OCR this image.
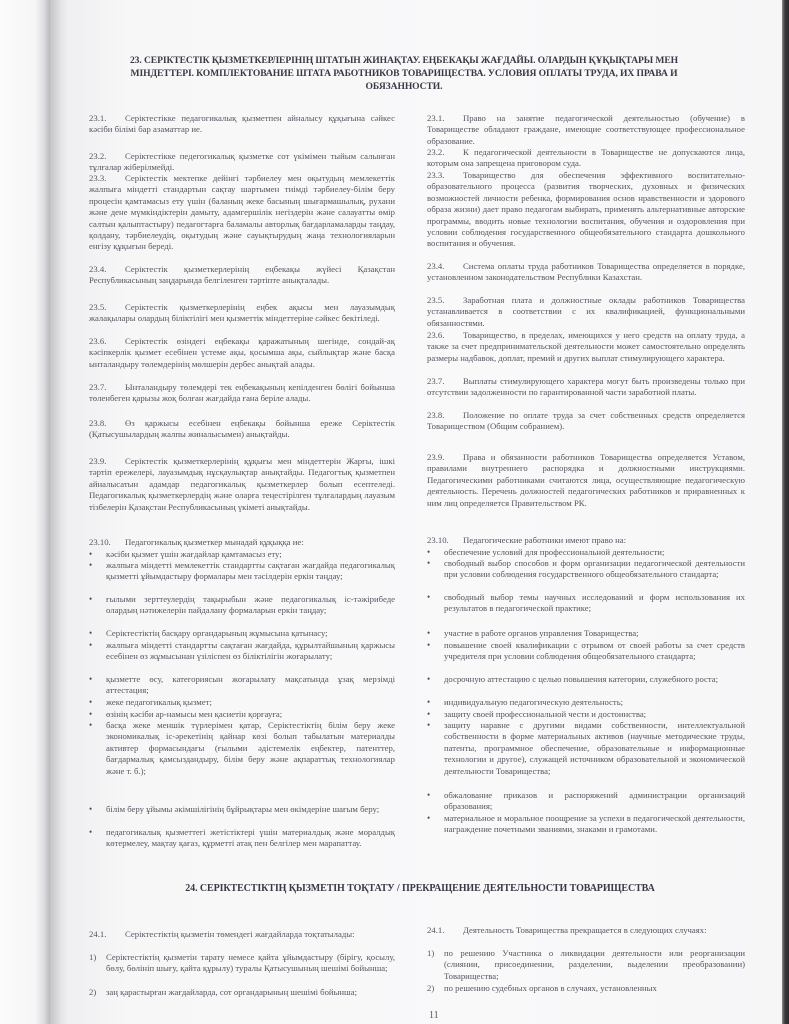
23. СЕРІКТЕСТІК ҚЫЗМЕТКЕРЛЕРІНІҢ ШТАТЫН ЖИНАҚТАУ. ЕҢБЕКАҚЫ ЖАҒДАЙЫ. ОЛАРДЫН ҚҰҚЫҚТАРЫ МЕН
МІНДЕТТЕРІ. КОМПЛЕКТОВАНИЕ ШТАТА РАБОТНИКОВ ТОВАРИЩЕСТВА. УСЛОВИЯ ОПЛАТЫ ТРУДА, ИХ ПРАВА И
ОБЯЗАННОСТИ.
23.1. Серіктестікке педагогикалық қызметпен айналысу құқығына сәйкес кәсіби білімі бар азаматтар ие.
23.2. Серіктестікке педегогикалық қызметке сот үкімімен тыйым салынған тұлғалар жіберілмейді.
23.3. Серіктестік мектепке дейінгі тәрбиелеу мен оқытудың мемлекеттік жалпыға міндетті стандартын сақтау шартымен тиімді тәрбиелеу-білім беру процесін қамтамасыз ету үшін (баланың жеке басының шығармашылық, рухани және дене мүмкіндіктерін дамыту, адамгершілік негіздерін және салауатты өмір салтын қалыптастыру) педагогтарға баламалы авторлық бағдарламаларды таңдау, қолдану, тәрбиелеудің, оқытудың және сауықтырудың жаңа технологияларын енгізу құқығын береді.
23.4. Серіктестік қызметкерлерінің еңбекақы жүйесі Қазақстан Республикасының заңдарында белгіленген тәртіпте анықталады.
23.5. Серіктестік қызметкерлерінің еңбек ақысы мен лауазымдық жалақылары олардың біліктілігі мен қызметтік міндеттеріне сәйкес бекітіледі.
23.6. Серіктестік өзіндегі еңбекақы қаражатының шегінде, сондай-ақ кәсіпкерлік қызмет есебінен үстеме ақы, қосымша ақы, сыйлықтар және басқа ынталандыру төлемдерінің мөлшерін дербес анықтай алады.
23.7. Ынталандыру төлемдері тек еңбекақының кепілденген бөлігі бойынша төленбеген қарызы жоқ болған жағдайда ғана беріле алады.
23.8. Өз қаржысы есебінен еңбекақы бойынша ереже Серіктестік (Қатысушылардың жалпы жиналысымен) анықтайды.
23.9. Серіктестік қызметкерлерінің құқығы мен міндеттерін Жарғы, ішкі тәртіп ережелері, лауазымдық нұсқаулықтар анықтайды. Педагогтық қызметпен айналысатын адамдар педагогикалық қызметкерлер болып есептеледі. Педагогикалық қызметкерлердің және оларға теңестірілген тұлғалардың лауазым тізбелерін Қазақстан Республикасының үкіметі анықтайды.
23.10. Педагогикалық қызметкер мынадай құқыққа ие:
• кәсіби қызмет үшін жағдайлар қамтамасыз ету;
• жалпыға міндетті мемлекеттік стандартты сақтаған жағдайда педагогикалық қызметті ұйымдастыру формалары мен тәсілдерін еркін таңдау;
• ғылыми зерттеулердің тақырыбын және педагогикалық іс-тәжірибеде олардың нәтижелерін пайдалану формаларын еркін таңдау;
• Серіктестіктің басқару органдарының жұмысына қатынасу;
• жалпыға міндетті стандартты сақтаған жағдайда, құрылтайшының қаржысы есебінен өз жұмысынан үзіліспен өз біліктілігін жоғарылату;
• қызметте өсу, категориясын жоғарылату мақсатында ұзақ мерзімді аттестация;
• жеке педагогикалық қызмет;
• өзінің кәсіби ар-намысы мен қасиетін қорғауға;
• басқа жеке меншік түрлерімен қатар, Серіктестіктің білім беру жеке экономикалық іс-әрекетінің қайнар көзі болып табылатын материалды активтер формасындағы (ғылыми әдістемелік еңбектер, патенттер, бағдармалық қамсыздандыру, білім беру және ақпараттық технологиялар және т. б.);
• білім беру ұйымы әкімшілігінің бұйрықтары мен өкімдеріне шағым беру;
• педагогикалық қызметтегі жетістіктері үшін материалдық және моралдық көтермелеу, мақтау қағаз, құрметті атақ пен белгілер мен марапаттау.
23.1. Право на занятие педагогической деятельностью (обучение) в Товариществе обладают граждане, имеющие соответствующее профессиональное образование.
23.2. К педагогической деятельности в Товариществе не допускаются лица, которым она запрещена приговором суда.
23.3. Товарищество для обеспечения эффективного воспитательно-образовательного процесса (развития творческих, духовных и физических возможностей личности ребенка, формирования основ нравственности и здорового образа жизни) дает право педагогам выбирать, применять альтернативные авторские программы, вводить новые технологии воспитания, обучения и оздоровления при условии соблюдения государственного общеобязательного стандарта дошкольного воспитания и обучения.
23.4. Система оплаты труда работников Товарищества определяется в порядке, установленном законодательством Республики Казахстан.
23.5. Заработная плата и должностные оклады работников Товарищества устанавливается в соответствии с их квалификацией, функциональными обязанностями.
23.6. Товарищество, в пределах, имеющихся у него средств на оплату труда, а также за счет предпринимательской деятельности может самостоятельно определять размеры надбавок, доплат, премий и других выплат стимулирующего характера.
23.7. Выплаты стимулирующего характера могут быть произведены только при отсутствии задолженности по гарантированной части заработной платы.
23.8. Положение по оплате труда за счет собственных средств определяется Товариществом (Общим собранием).
23.9. Права и обязанности работников Товарищества определяется Уставом, правилами внутреннего распорядка и должностными инструкциями. Педагогическими работниками считаются лица, осуществляющие педагогическую деятельность. Перечень должностей педагогических работников и приравненных к ним лиц определяется Правительством РК.
23.10. Педагогические работники имеют право на:
• обеспечение условий для профессиональной деятельности;
• свободный выбор способов и форм организации педагогической деятельности при условии соблюдения государственного общеобязательного стандарта;
• свободный выбор темы научных исследований и форм использования их результатов в педагогической практике;
• участие в работе органов управления Товарищества;
• повышение своей квалификации с отрывом от своей работы за счет средств учредителя при условии соблюдения общеобязательного стандарта;
• досрочную аттестацию с целью повышения категории, служебного роста;
• индивидуальную педагогическую деятельность;
• защиту своей профессиональной чести и достоинства;
• защиту наравне с другими видами собственности, интеллектуальной собственности в форме материальных активов (научные методические труды, патенты, программное обеспечение, образовательные и информационные технологии и другое), служащей источником образовательной и экономической деятельности Товарищества;
• обжалование приказов и распоряжений администрации организаций образования;
• материальное и моральное поощрение за успехи в педагогической деятельности, награждение почетными званиями, знаками и грамотами.
24. СЕРІКТЕСТІКТІҢ ҚЫЗМЕТІН ТОҚТАТУ / ПРЕКРАЩЕНИЕ ДЕЯТЕЛЬНОСТИ ТОВАРИЩЕСТВА
24.1. Серіктестіктің қызметін төмендегі жағдайларда тоқтатылады:
1) Серіктестіктің қызметін тарату немесе қайта ұйымдастыру (бірігу, қосылу, бөлу, бөлініп шығу, қайта құрылу) туралы Қатысушының шешімі бойынша;
2) заң қарастырған жағдайларда, сот органдарының шешімі бойынша;
24.1. Деятельность Товарищества прекращается в следующих случаях:
1) по решению Участника о ликвидации деятельности или реорганизации (слиянии, присоединении, разделении, выделении преобразовании) Товарищества;
2) по решению судебных органов в случаях, установленных
11
